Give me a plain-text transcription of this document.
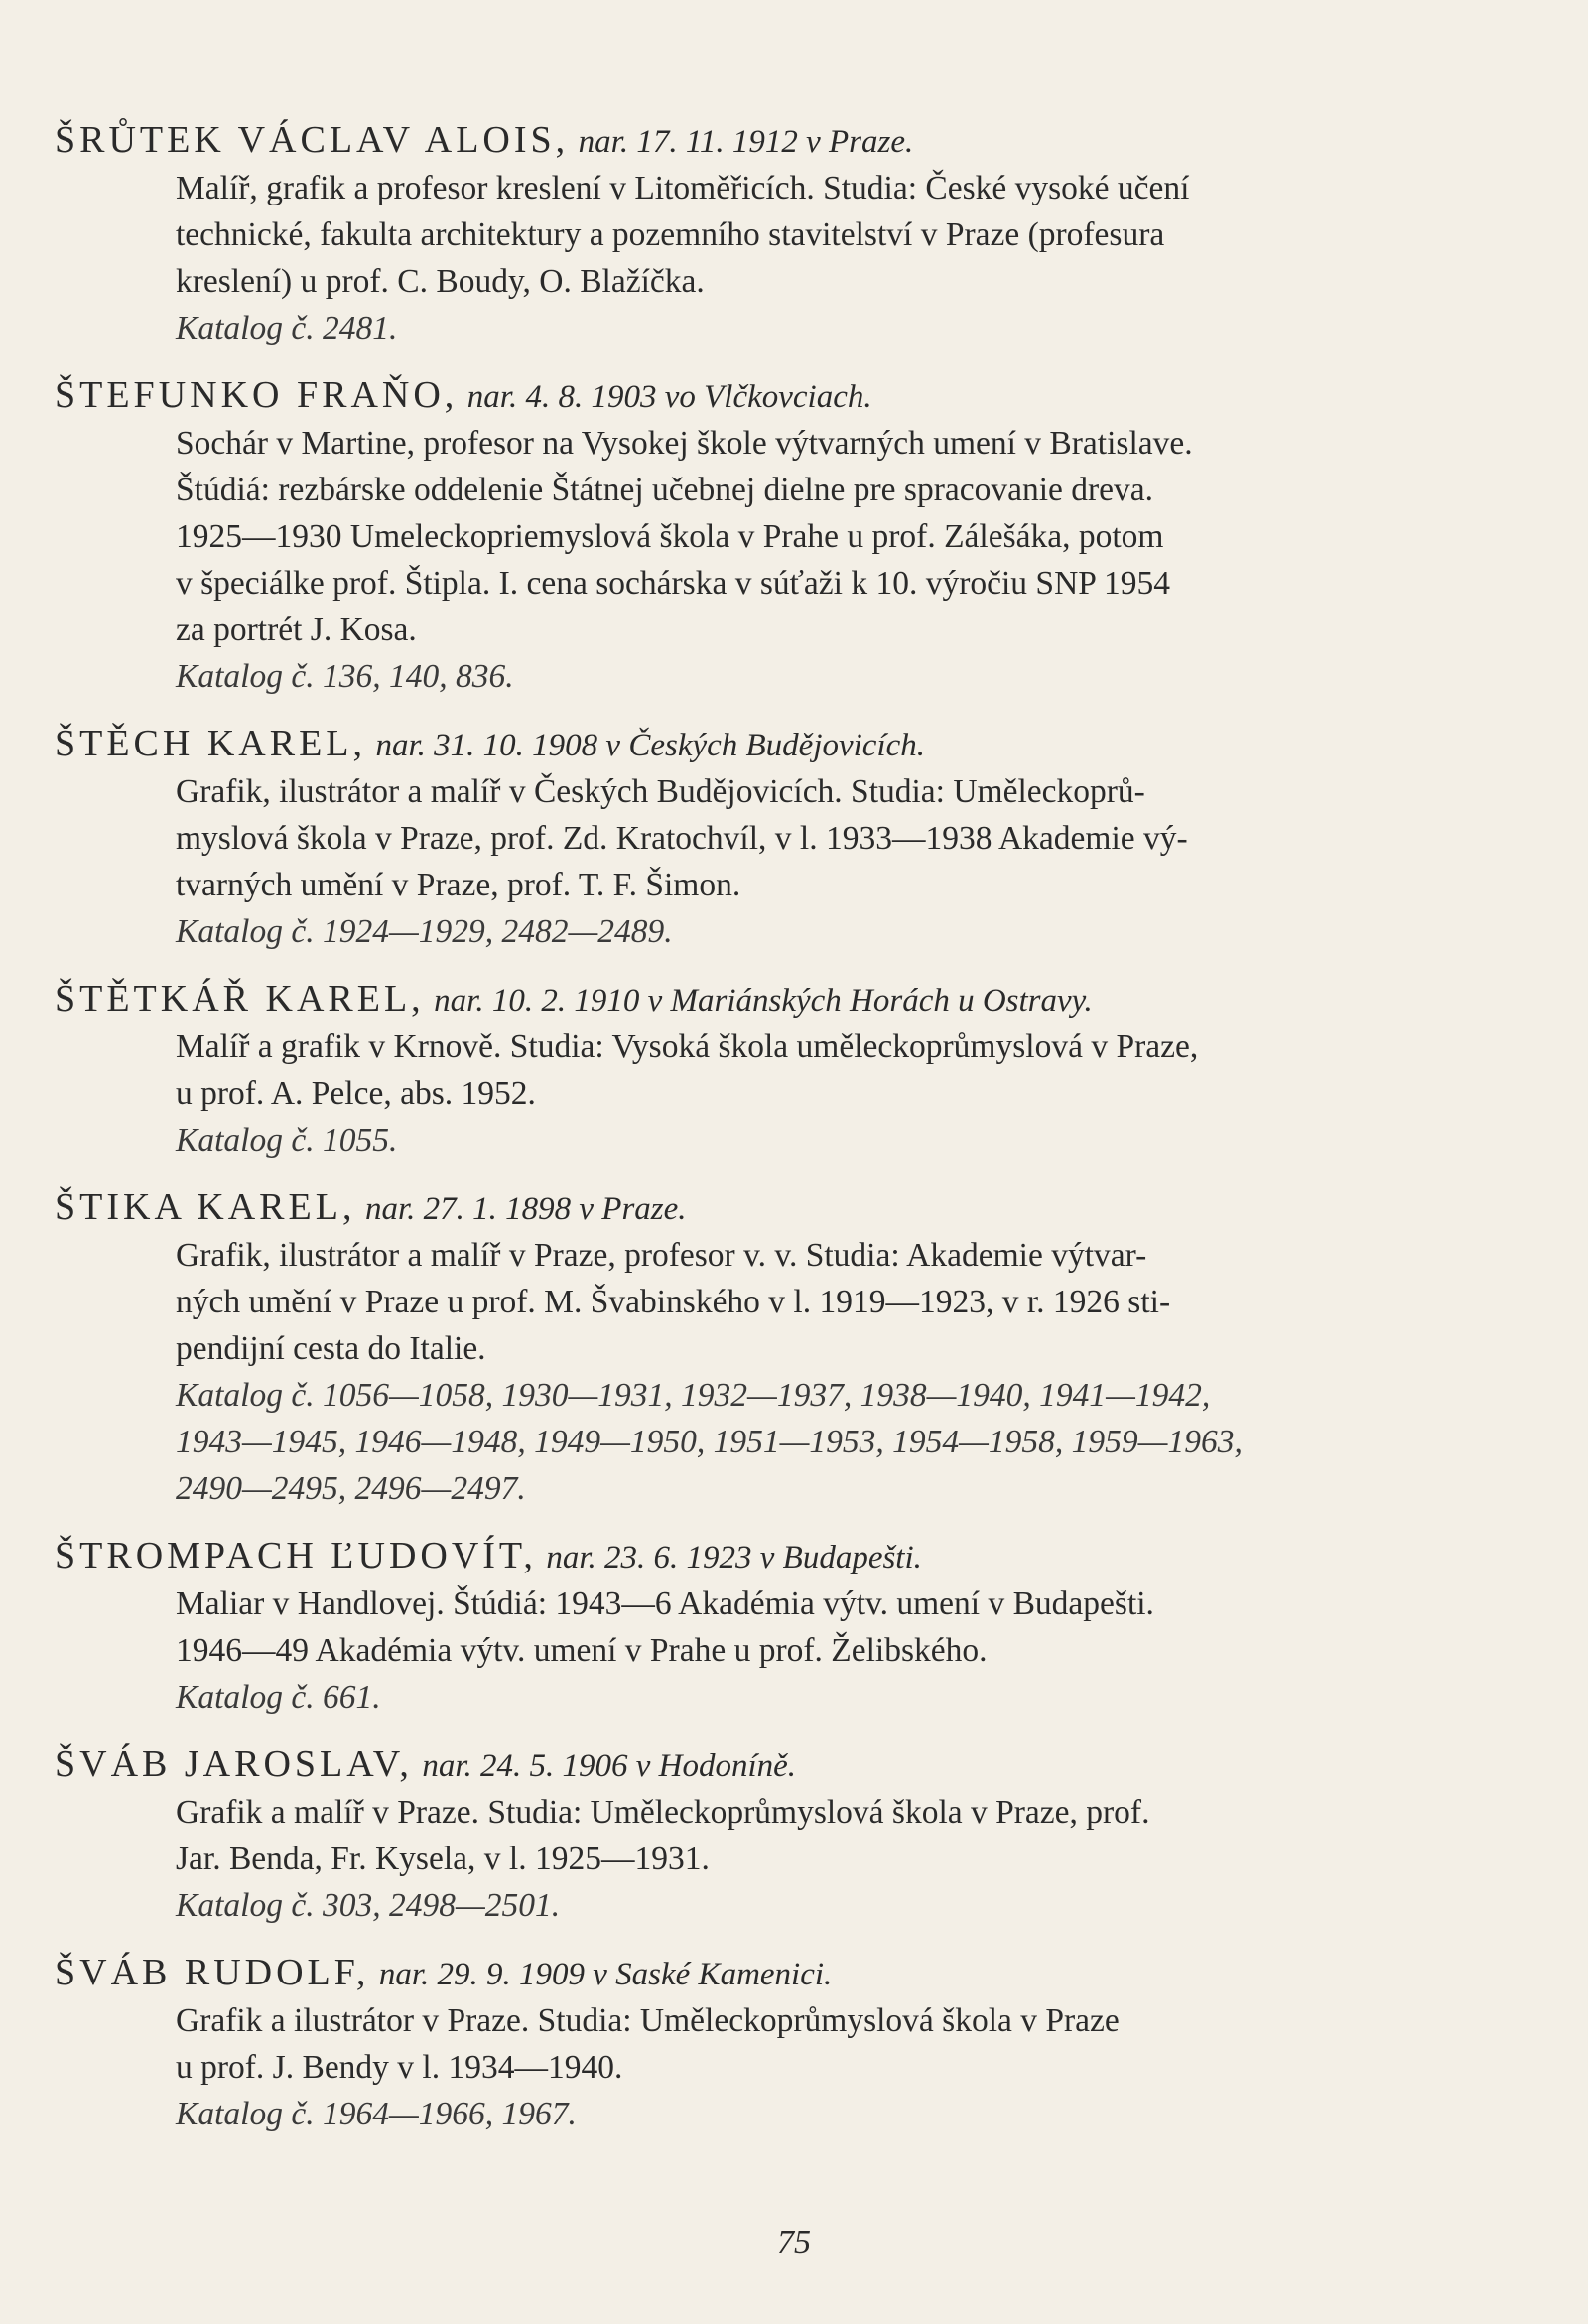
ŠRŮTEK VÁCLAV ALOIS, nar. 17. 11. 1912 v Praze.
Malíř, grafik a profesor kreslení v Litoměřicích. Studia: České vysoké učení
technické, fakulta architektury a pozemního stavitelství v Praze (profesura
kreslení) u prof. C. Boudy, O. Blažíčka.
Katalog č. 2481.
ŠTEFUNKO FRAŇO, nar. 4. 8. 1903 vo Vlčkovciach.
Sochár v Martine, profesor na Vysokej škole výtvarných umení v Bratislave.
Štúdiá: rezbárske oddelenie Štátnej učebnej dielne pre spracovanie dreva.
1925—1930 Umeleckopriemyslová škola v Prahe u prof. Zálešáka, potom
v špeciálke prof. Štipla. I. cena sochárska v súťaži k 10. výročiu SNP 1954
za portrét J. Kosa.
Katalog č. 136, 140, 836.
ŠTĚCH KAREL, nar. 31. 10. 1908 v Českých Budějovicích.
Grafik, ilustrátor a malíř v Českých Budějovicích. Studia: Uměleckoprů-
myslová škola v Praze, prof. Zd. Kratochvíl, v l. 1933—1938 Akademie vý-
tvarných umění v Praze, prof. T. F. Šimon.
Katalog č. 1924—1929, 2482—2489.
ŠTĚTKÁŘ KAREL, nar. 10. 2. 1910 v Mariánských Horách u Ostravy.
Malíř a grafik v Krnově. Studia: Vysoká škola uměleckoprůmyslová v Praze,
u prof. A. Pelce, abs. 1952.
Katalog č. 1055.
ŠTIKA KAREL, nar. 27. 1. 1898 v Praze.
Grafik, ilustrátor a malíř v Praze, profesor v. v. Studia: Akademie výtvar-
ných umění v Praze u prof. M. Švabinského v l. 1919—1923, v r. 1926 sti-
pendijní cesta do Italie.
Katalog č. 1056—1058, 1930—1931, 1932—1937, 1938—1940, 1941—1942,
1943—1945, 1946—1948, 1949—1950, 1951—1953, 1954—1958, 1959—1963,
2490—2495, 2496—2497.
ŠTROMPACH ĽUDOVÍT, nar. 23. 6. 1923 v Budapešti.
Maliar v Handlovej. Štúdiá: 1943—6 Akadémia výtv. umení v Budapešti.
1946—49 Akadémia výtv. umení v Prahe u prof. Želibského.
Katalog č. 661.
ŠVÁB JAROSLAV, nar. 24. 5. 1906 v Hodoníně.
Grafik a malíř v Praze. Studia: Uměleckoprůmyslová škola v Praze, prof.
Jar. Benda, Fr. Kysela, v l. 1925—1931.
Katalog č. 303, 2498—2501.
ŠVÁB RUDOLF, nar. 29. 9. 1909 v Saské Kamenici.
Grafik a ilustrátor v Praze. Studia: Uměleckoprůmyslová škola v Praze
u prof. J. Bendy v l. 1934—1940.
Katalog č. 1964—1966, 1967.
75
